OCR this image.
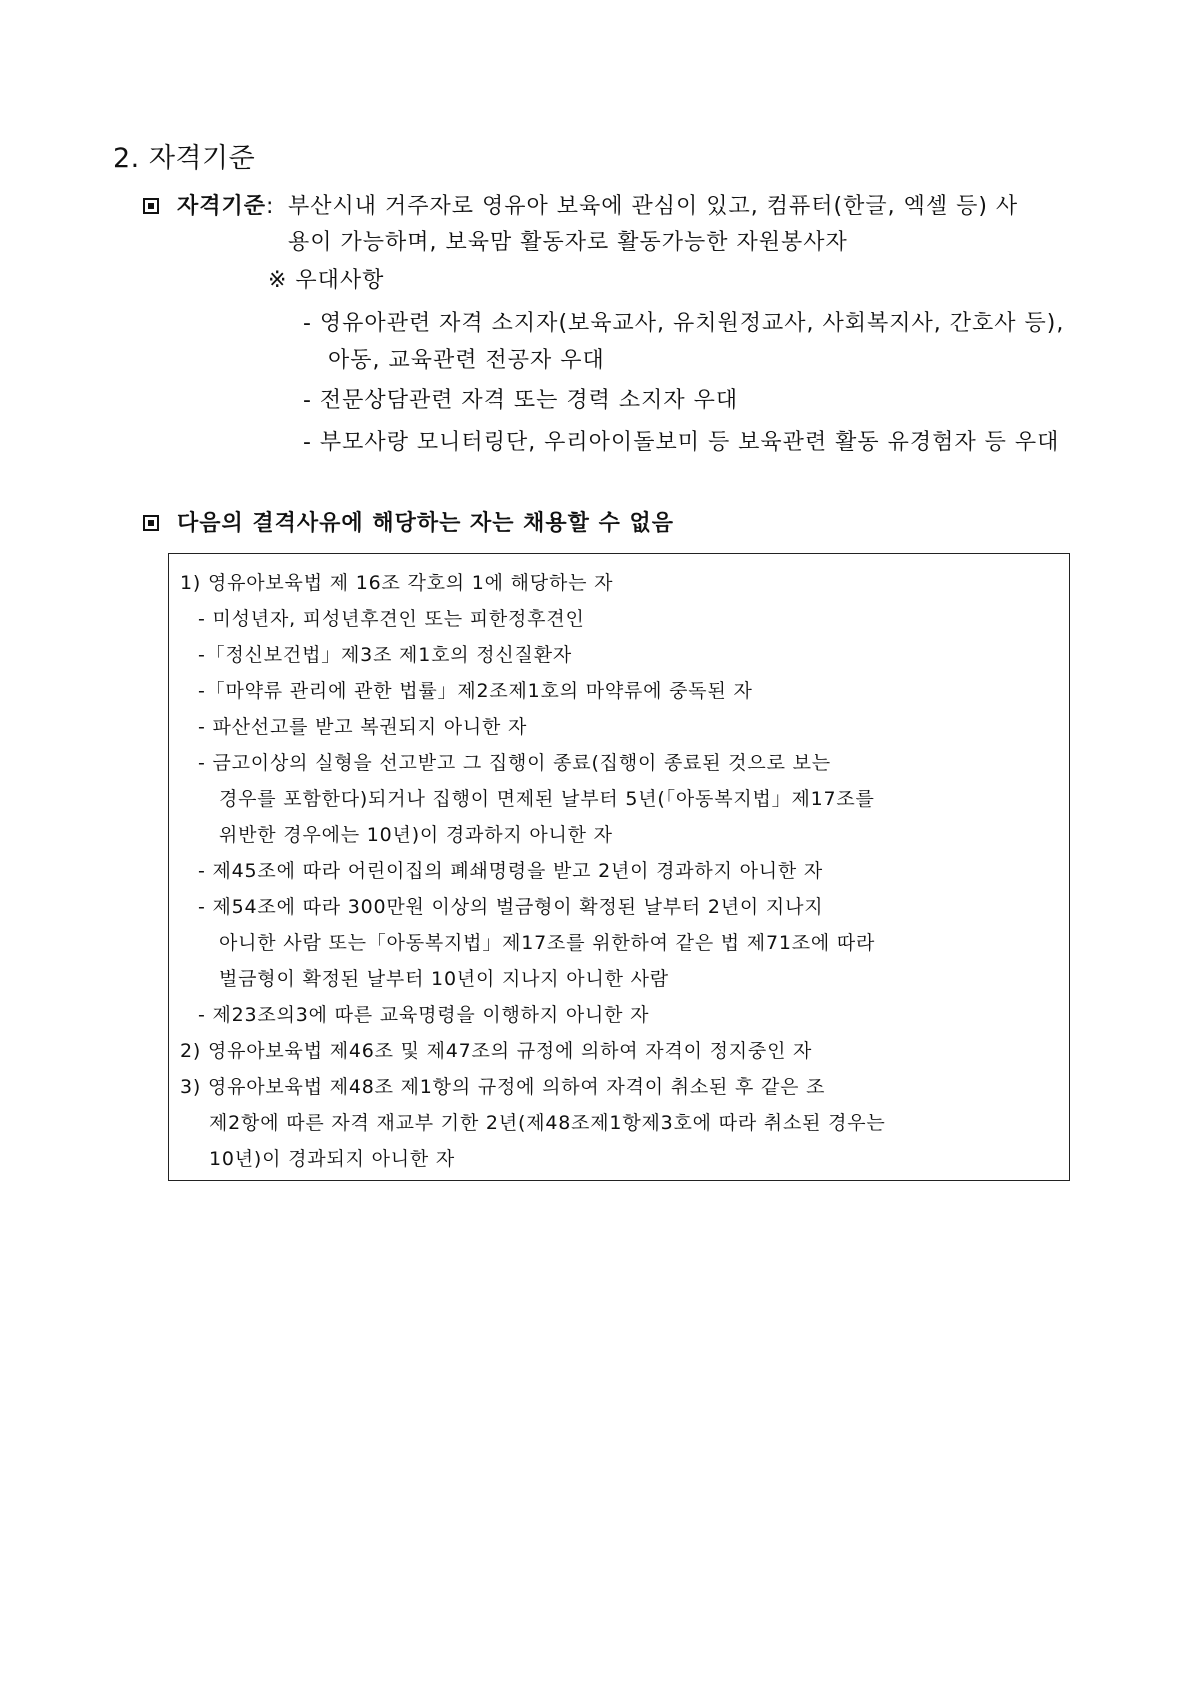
2. 자격기준
자격기준: 부산시내 거주자로 영유아 보육에 관심이 있고, 컴퓨터(한글, 엑셀 등) 사
용이 가능하며, 보육맘 활동자로 활동가능한 자원봉사자
※ 우대사항
- 영유아관련 자격 소지자(보육교사, 유치원정교사, 사회복지사, 간호사 등),
아동, 교육관련 전공자 우대
- 전문상담관련 자격 또는 경력 소지자 우대
- 부모사랑 모니터링단, 우리아이돌보미 등 보육관련 활동 유경험자 등 우대
다음의 결격사유에 해당하는 자는 채용할 수 없음
1) 영유아보육법 제 16조 각호의 1에 해당하는 자
- 미성년자, 피성년후견인 또는 피한정후견인
-「정신보건법」제3조 제1호의 정신질환자
-「마약류 관리에 관한 법률」제2조제1호의 마약류에 중독된 자
- 파산선고를 받고 복권되지 아니한 자
- 금고이상의 실형을 선고받고 그 집행이 종료(집행이 종료된 것으로 보는
경우를 포함한다)되거나 집행이 면제된 날부터 5년(「아동복지법」제17조를
위반한 경우에는 10년)이 경과하지 아니한 자
- 제45조에 따라 어린이집의 폐쇄명령을 받고 2년이 경과하지 아니한 자
- 제54조에 따라 300만원 이상의 벌금형이 확정된 날부터 2년이 지나지
아니한 사람 또는「아동복지법」제17조를 위한하여 같은 법 제71조에 따라
벌금형이 확정된 날부터 10년이 지나지 아니한 사람
- 제23조의3에 따른 교육명령을 이행하지 아니한 자
2) 영유아보육법 제46조 및 제47조의 규정에 의하여 자격이 정지중인 자
3) 영유아보육법 제48조 제1항의 규정에 의하여 자격이 취소된 후 같은 조
제2항에 따른 자격 재교부 기한 2년(제48조제1항제3호에 따라 취소된 경우는
10년)이 경과되지 아니한 자
